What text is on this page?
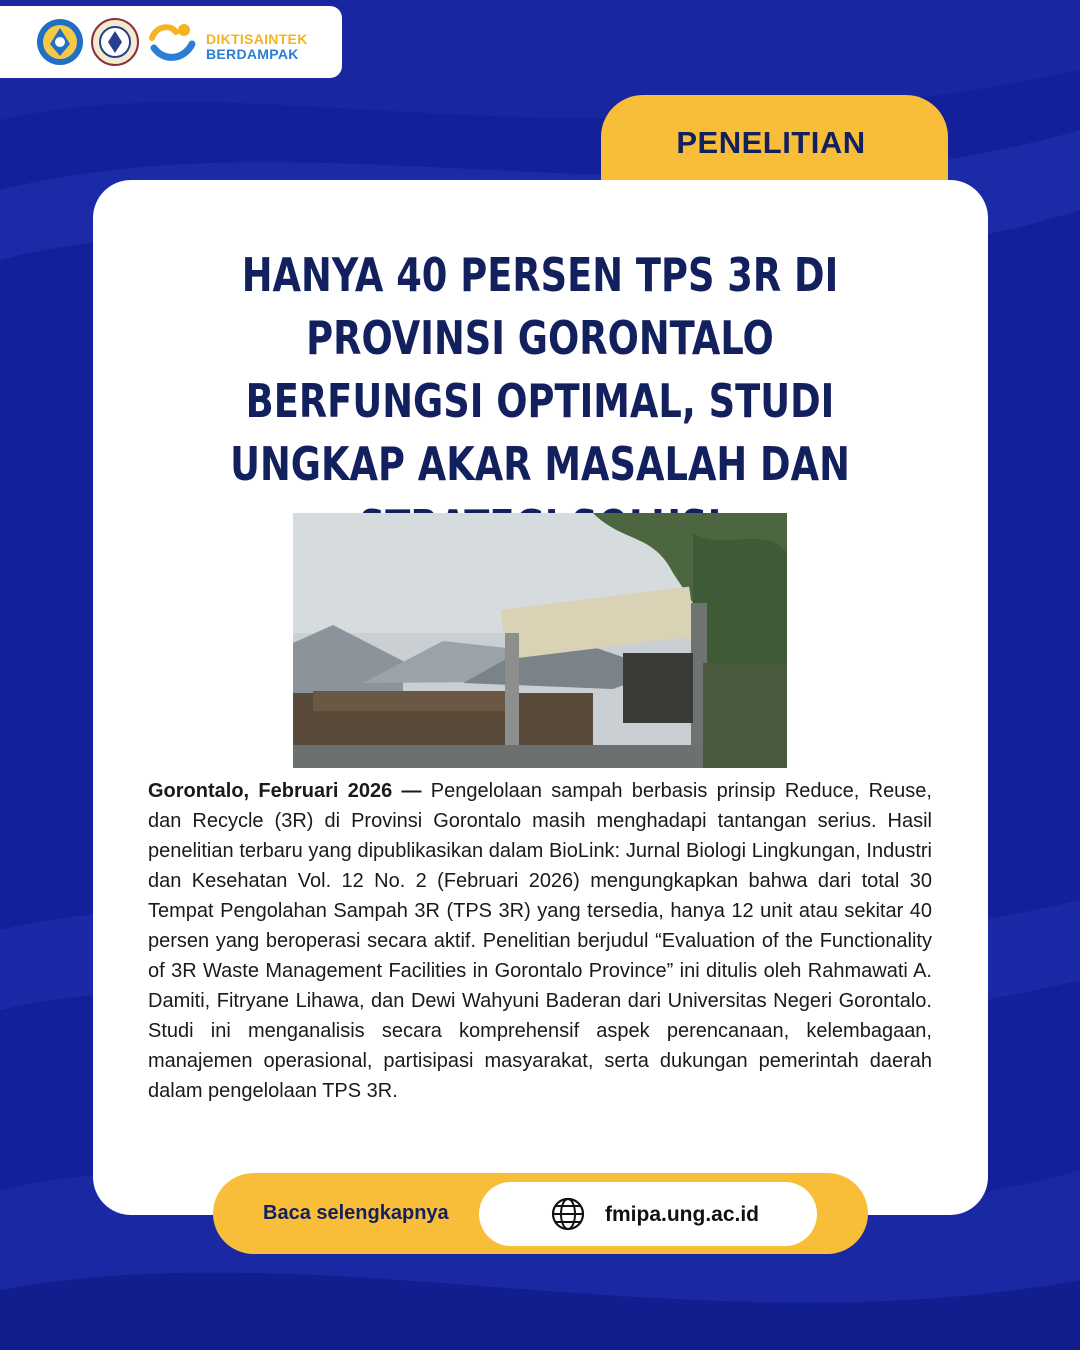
DIKTISAINTEK
BERDAMPAK
PENELITIAN
HANYA 40 PERSEN TPS 3R DI PROVINSI GORONTALO BERFUNGSI OPTIMAL, STUDI UNGKAP AKAR MASALAH DAN

Gorontalo, Februari 2026 — Pengelolaan sampah berbasis prinsip Reduce, Reuse, dan Recycle (3R) di Provinsi Gorontalo masih menghadapi tantangan serius. Hasil penelitian terbaru yang dipublikasikan dalam BioLink: Jurnal Biologi Lingkungan, Industri dan Kesehatan Vol. 12 No. 2 (Februari 2026) mengungkapkan bahwa dari total 30 Tempat Pengolahan Sampah 3R (TPS 3R) yang tersedia, hanya 12 unit atau sekitar 40 persen yang beroperasi secara aktif. Penelitian berjudul “Evaluation of the Functionality of 3R Waste Management Facilities in Gorontalo Province” ini ditulis oleh Rahmawati A. Damiti, Fitryane Lihawa, dan Dewi Wahyuni Baderan dari Universitas Negeri Gorontalo. Studi ini menganalisis secara komprehensif aspek perencanaan, kelembagaan, manajemen operasional, partisipasi masyarakat, serta dukungan pemerintah daerah dalam pengelolaan TPS 3R.

Baca selengkapnya	fmipa.ung.ac.id
